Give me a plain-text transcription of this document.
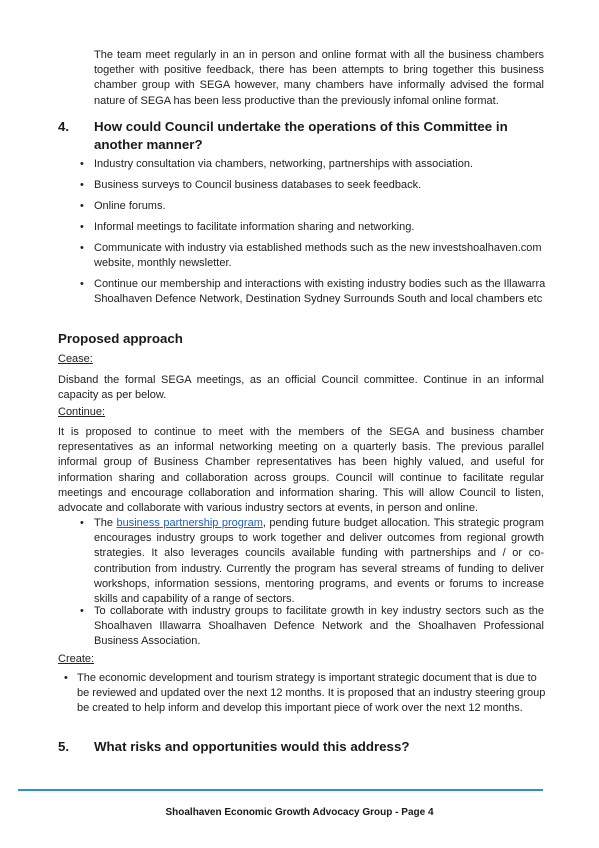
The team meet regularly in an in person and online format with all the business chambers together with positive feedback, there has been attempts to bring together this business chamber group with SEGA however, many chambers have informally advised the formal nature of SEGA has been less productive than the previously infomal online format.

4. How could Council undertake the operations of this Committee in another manner?
• Industry consultation via chambers, networking, partnerships with association.

• Business surveys to Council business databases to seek feedback.

• Online forums.

• Informal meetings to facilitate information sharing and networking.

• Communicate with industry via established methods such as the new investshoalhaven.com website, monthly newsletter.

• Continue our membership and interactions with existing industry bodies such as the Illawarra Shoalhaven Defence Network, Destination Sydney Surrounds South and local chambers etc

Proposed approach
Cease:

Disband the formal SEGA meetings, as an official Council committee. Continue in an informal capacity as per below.

Continue:

It is proposed to continue to meet with the members of the SEGA and business chamber representatives as an informal networking meeting on a quarterly basis. The previous parallel informal group of Business Chamber representatives has been highly valued, and useful for information sharing and collaboration across groups. Council will continue to facilitate regular meetings and encourage collaboration and information sharing. This will allow Council to listen, advocate and collaborate with various industry sectors at events, in person and online.

• The business partnership program, pending future budget allocation. This strategic program encourages industry groups to work together and deliver outcomes from regional growth strategies. It also leverages councils available funding with partnerships and / or co-contribution from industry. Currently the program has several streams of funding to deliver workshops, information sessions, mentoring programs, and events or forums to increase skills and capability of a range of sectors.

• To collaborate with industry groups to facilitate growth in key industry sectors such as the Shoalhaven Illawarra Shoalhaven Defence Network and the Shoalhaven Professional Business Association.

Create:
• The economic development and tourism strategy is important strategic document that is due to be reviewed and updated over the next 12 months. It is proposed that an industry steering group be created to help inform and develop this important piece of work over the next 12 months.

5. What risks and opportunities would this address?
Shoalhaven Economic Growth Advocacy Group - Page 4
